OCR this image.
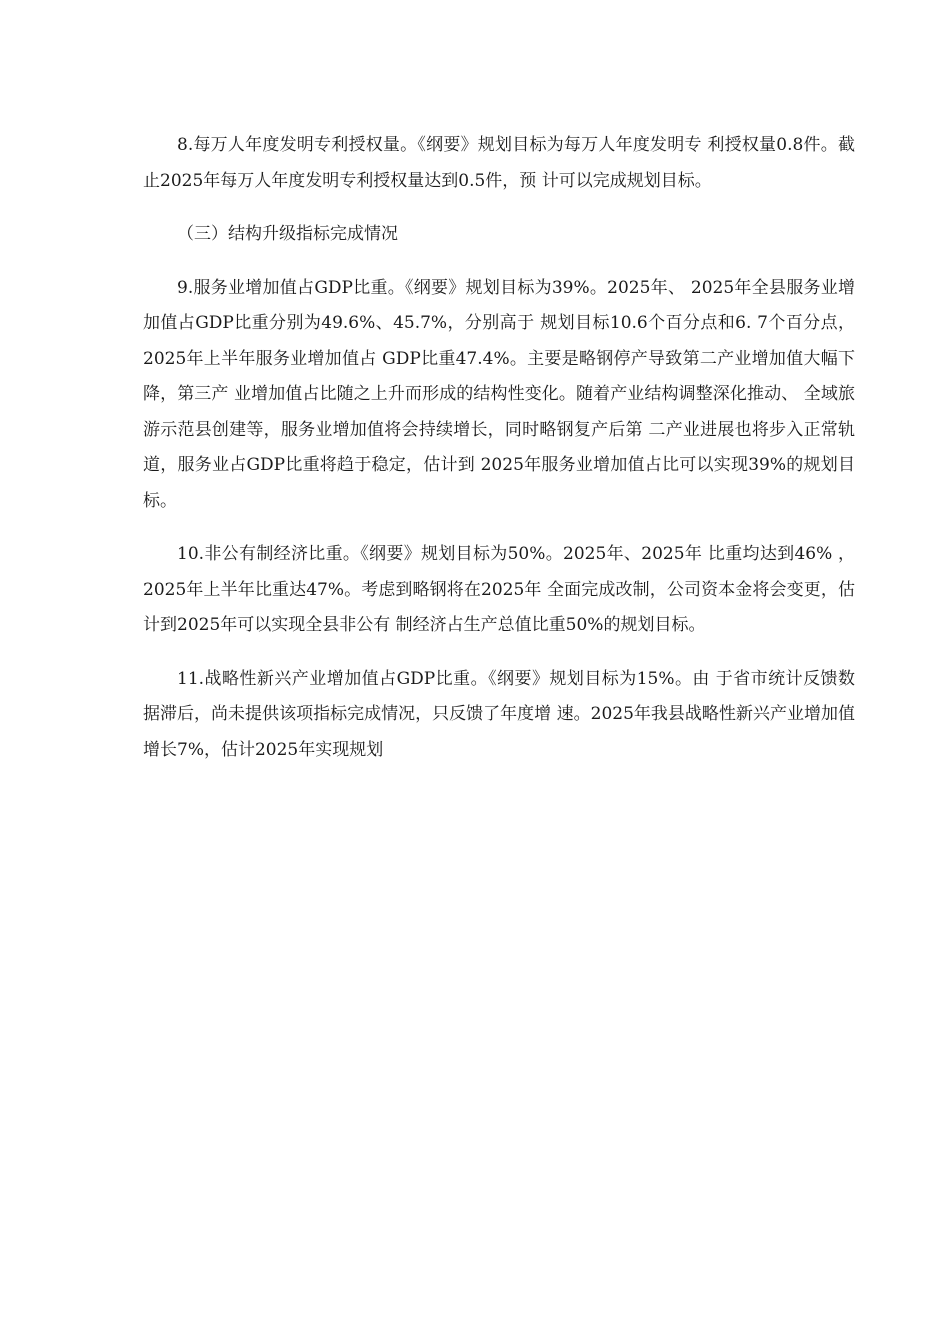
8.每万人年度发明专利授权量。《纲要》规划目标为每万人年度发明专 利授权量0.8件。截止2025年每万人年度发明专利授权量达到0.5件，预 计可以完成规划目标。

（三）结构升级指标完成情况

9.服务业增加值占GDP比重。《纲要》规划目标为39%。2025年、 2025年全县服务业增加值占GDP比重分别为49.6%、45.7%，分别高于 规划目标10.6个百分点和6. 7个百分点，2025年上半年服务业增加值占 GDP比重47.4%。主要是略钢停产导致第二产业增加值大幅下降，第三产 业增加值占比随之上升而形成的结构性变化。随着产业结构调整深化推动、 全域旅游示范县创建等，服务业增加值将会持续增长，同时略钢复产后第 二产业进展也将步入正常轨道，服务业占GDP比重将趋于稳定，估计到 2025年服务业增加值占比可以实现39%的规划目标。

10.非公有制经济比重。《纲要》规划目标为50%。2025年、2025年 比重均达到46% ， 2025年上半年比重达47%。考虑到略钢将在2025年 全面完成改制，公司资本金将会变更，估计到2025年可以实现全县非公有 制经济占生产总值比重50%的规划目标。

11.战略性新兴产业增加值占GDP比重。《纲要》规划目标为15%。由 于省市统计反馈数据滞后，尚未提供该项指标完成情况，只反馈了年度增 速。2025年我县战略性新兴产业增加值增长7%，估计2025年实现规划
